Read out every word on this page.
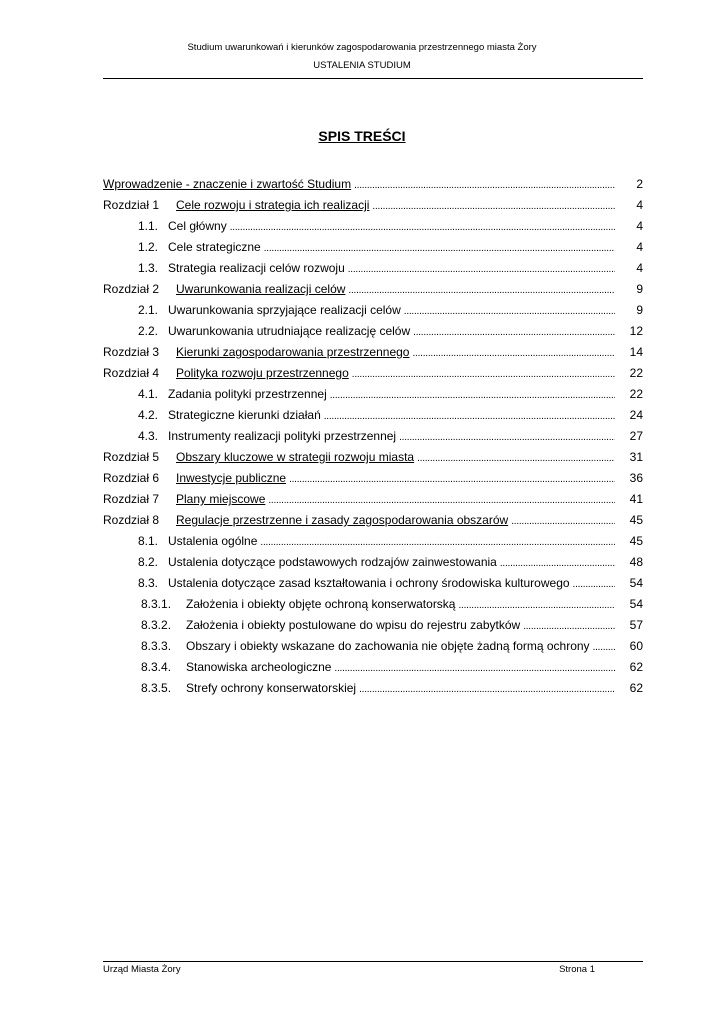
Studium uwarunkowań i kierunków zagospodarowania przestrzennego miasta Żory
USTALENIA STUDIUM
SPIS TREŚCI
Wprowadzenie - znaczenie i zwartość Studium . . .	2
Rozdział 1	Cele rozwoju i strategia ich realizacji . . .	4
1.1. Cel główny . . .	4
1.2. Cele strategiczne . . .	4
1.3. Strategia realizacji celów rozwoju . . .	4
Rozdział 2	Uwarunkowania realizacji celów . . .	9
2.1. Uwarunkowania sprzyjające realizacji celów . . .	9
2.2. Uwarunkowania utrudniające realizację celów . . .	12
Rozdział 3	Kierunki zagospodarowania przestrzennego . . .	14
Rozdział 4	Polityka rozwoju przestrzennego . . .	22
4.1. Zadania polityki przestrzennej . . .	22
4.2. Strategiczne kierunki działań . . .	24
4.3. Instrumenty realizacji polityki przestrzennej . . .	27
Rozdział 5	Obszary kluczowe w strategii rozwoju miasta . . .	31
Rozdział 6	Inwestycje publiczne . . .	36
Rozdział 7	Plany miejscowe . . .	41
Rozdział 8	Regulacje przestrzenne i zasady zagospodarowania obszarów . . .	45
8.1. Ustalenia ogólne . . .	45
8.2. Ustalenia dotyczące podstawowych rodzajów zainwestowania . . .	48
8.3. Ustalenia dotyczące zasad kształtowania i ochrony środowiska kulturowego . . .	54
8.3.1.	Założenia i obiekty objęte ochroną konserwatorską . . .	54
8.3.2.	Założenia i obiekty postulowane do wpisu do rejestru zabytków . . .	57
8.3.3.	Obszary i obiekty wskazane do zachowania nie objęte żadną formą ochrony . . .	60
8.3.4.	Stanowiska archeologiczne . . .	62
8.3.5.	Strefy ochrony konserwatorskiej . . .	62
Urząd Miasta Żory	Strona 1
